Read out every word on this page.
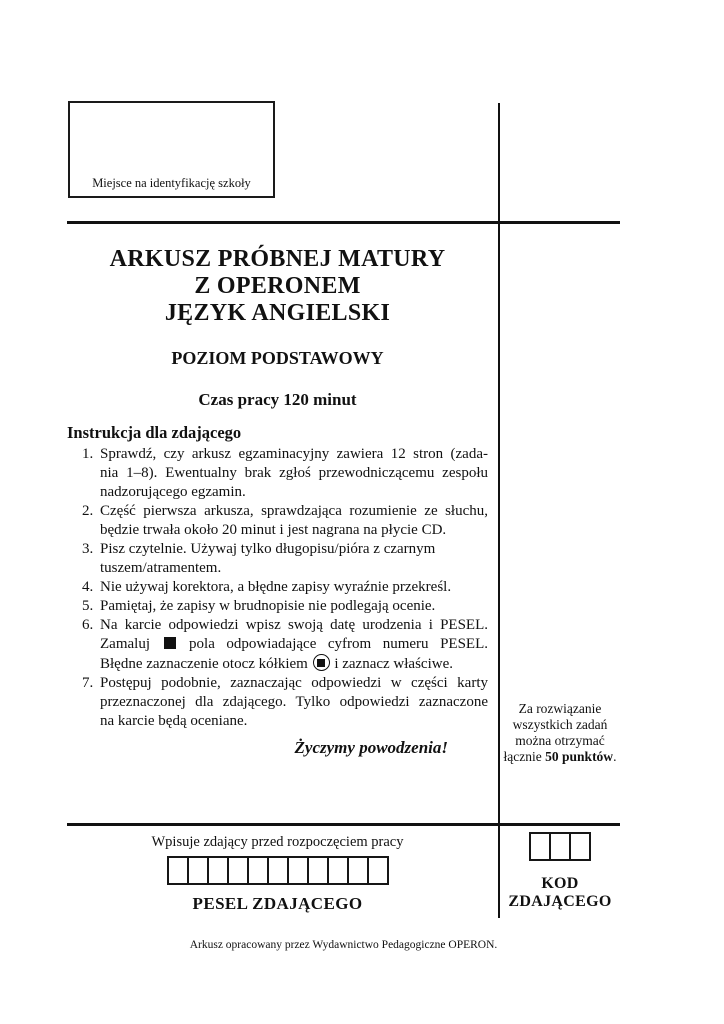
Miejsce na identyfikację szkoły
ARKUSZ PRÓBNEJ MATURY
Z OPERONEM
JĘZYK ANGIELSKI
POZIOM PODSTAWOWY
Czas pracy 120 minut
Instrukcja dla zdającego
1. Sprawdź, czy arkusz egzaminacyjny zawiera 12 stron (zada-
nia 1–8). Ewentualny brak zgłoś przewodniczącemu zespołu
nadzorującego egzamin.
2. Część pierwsza arkusza, sprawdzająca rozumienie ze słuchu,
będzie trwała około 20 minut i jest nagrana na płycie CD.
3. Pisz czytelnie. Używaj tylko długopisu/pióra z czarnym
tuszem/atramentem.
4. Nie używaj korektora, a błędne zapisy wyraźnie przekreśl.
5. Pamiętaj, że zapisy w brudnopisie nie podlegają ocenie.
6. Na karcie odpowiedzi wpisz swoją datę urodzenia i PESEL.
Zamaluj  pola odpowiadające cyfrom numeru PESEL.
Błędne zaznaczenie otocz kółkiem
i zaznacz właściwe.
7. Postępuj podobnie, zaznaczając odpowiedzi w części karty
przeznaczonej dla zdającego. Tylko odpowiedzi zaznaczone
na karcie będą oceniane.
Życzymy powodzenia!
Za rozwiązanie
wszystkich zadań
można otrzymać
łącznie 50 punktów.
Wpisuje zdający przed rozpoczęciem pracy
PESEL ZDAJĄCEGO
KOD
ZDAJĄCEGO
Arkusz opracowany przez Wydawnictwo Pedagogiczne OPERON.
